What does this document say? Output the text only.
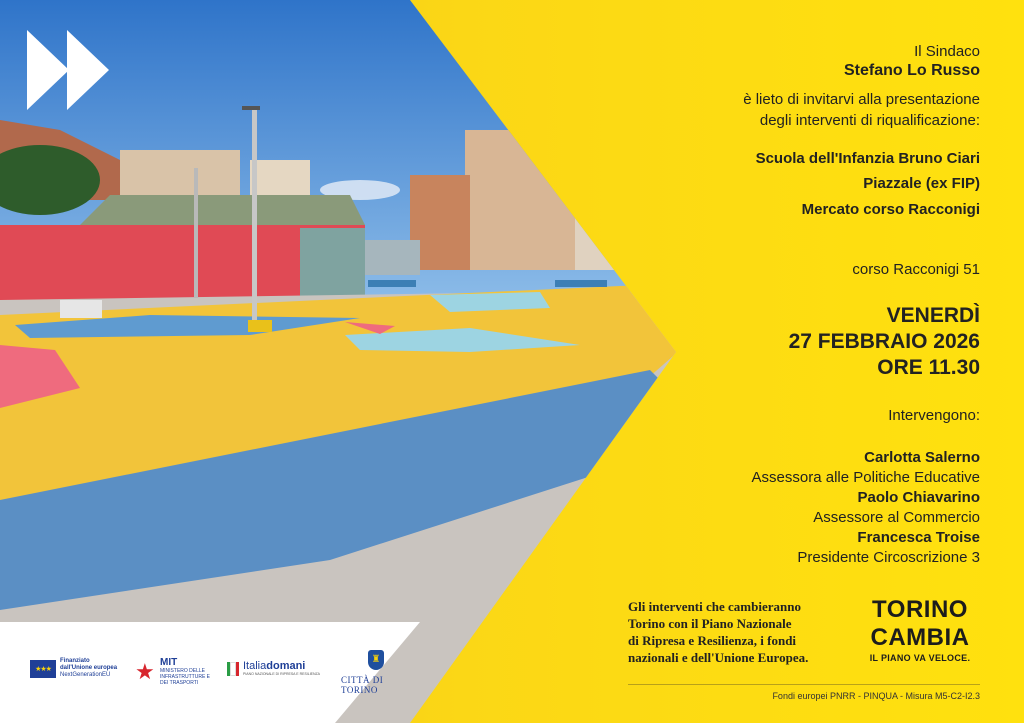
★★★
Finanziato
dall'Unione europea
NextGenerationEU	★ MIT
MINISTERO DELLE INFRASTRUTTURE E DEI TRASPORTI
Italiadomani
PIANO NAZIONALE DI RIPRESA E RESILIENZA
♜
CITTÀ DI TORINO
Il Sindaco
Stefano Lo Russo
è lieto di invitarvi alla presentazione
degli interventi di riqualificazione:
Scuola dell'Infanzia Bruno Ciari
Piazzale (ex FIP)
Mercato corso Racconigi
corso Racconigi 51
VENERDÌ
27 FEBBRAIO 2026
ORE 11.30
Intervengono:
Carlotta Salerno
Assessora alle Politiche Educative
Paolo Chiavarino
Assessore al Commercio
Francesca Troise
Presidente Circoscrizione 3
Gli interventi che cambieranno
Torino con il Piano Nazionale
di Ripresa e Resilienza, i fondi
nazionali e dell'Unione Europea.
TORINO
CAMBIA
IL PIANO VA VELOCE.
Fondi europei PNRR - PINQUA - Misura M5-C2-I2.3
